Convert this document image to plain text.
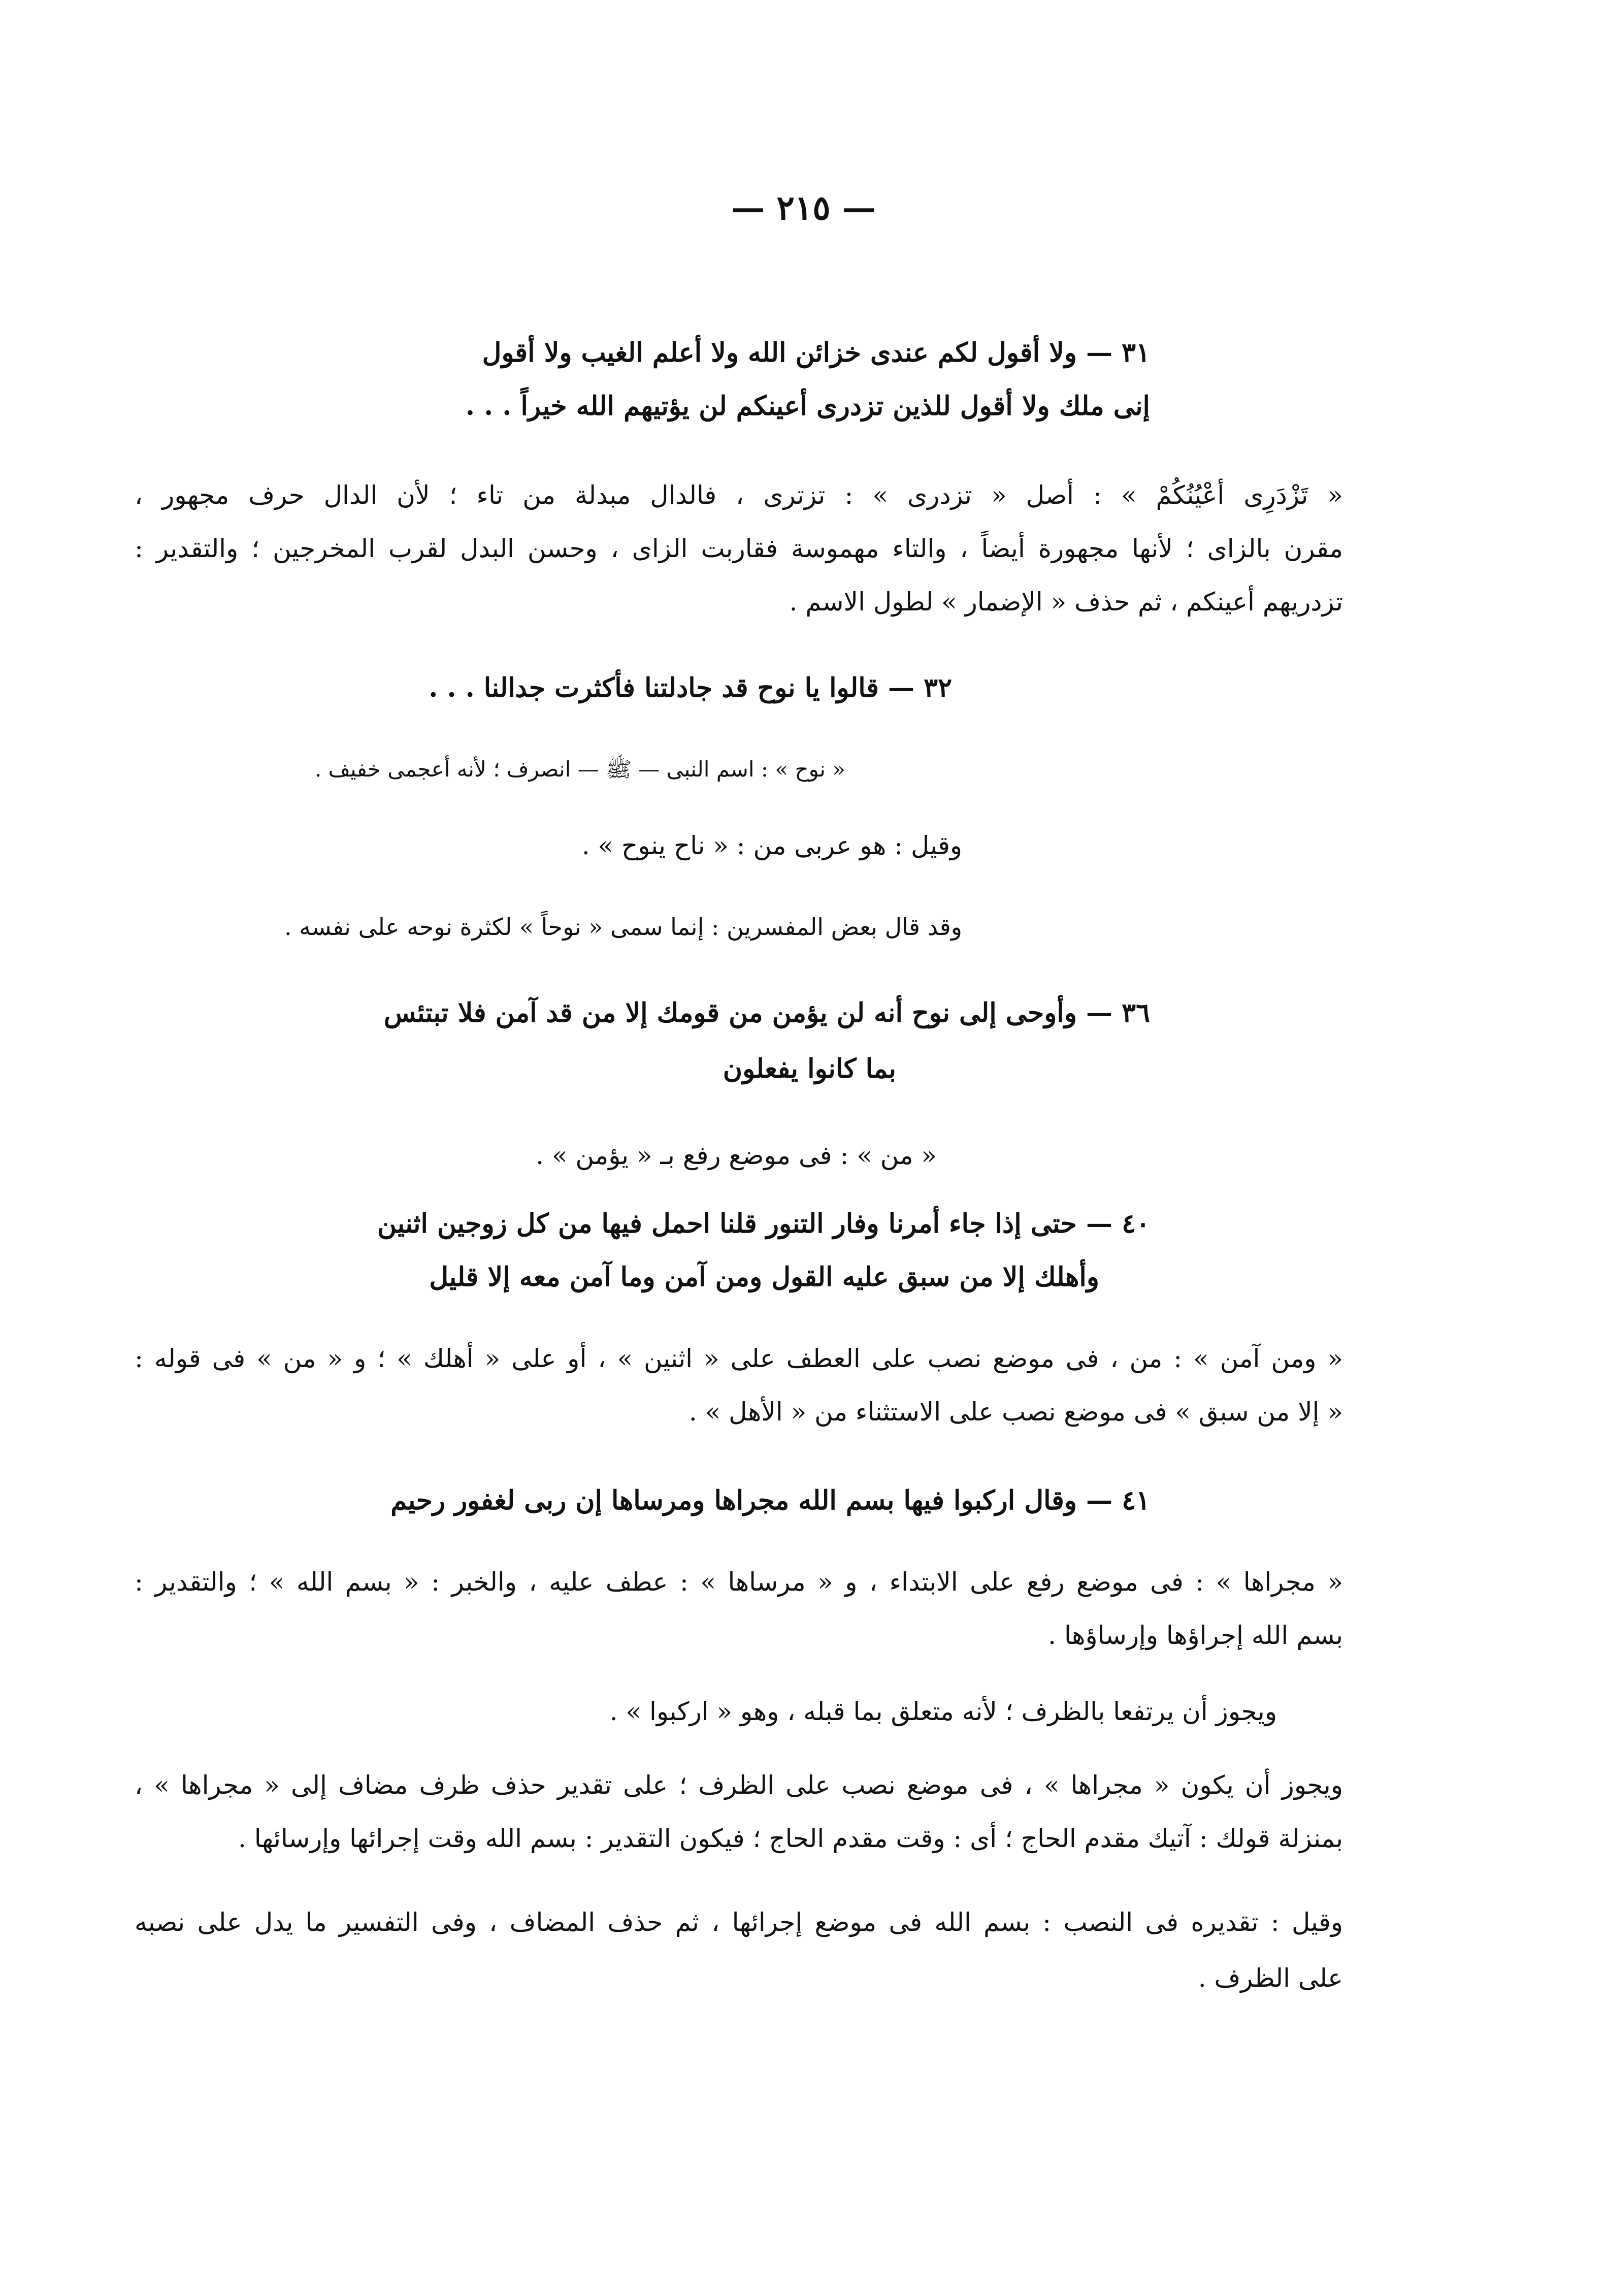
— ٢١٥ —
٣١ — ولا أقول لكم عندى خزائن الله ولا أعلم الغيب ولا أقول
إنى ملك ولا أقول للذين تزدرى أعينكم لن يؤتيهم الله خيراً . . .
« تَزْدَرِى أعْيُنُكُمْ » : أصل « تزدرى » : تزترى ، فالدال مبدلة من تاء ؛ لأن الدال حرف مجهور ،
مقرن بالزاى ؛ لأنها مجهورة أيضاً ، والتاء مهموسة فقاربت الزاى ، وحسن البدل لقرب المخرجين ؛ والتقدير :
تزدريهم أعينكم ، ثم حذف « الإضمار » لطول الاسم .
٣٢ — قالوا يا نوح قد جادلتنا فأكثرت جدالنا . . .
« نوح » : اسم النبى — ﷺ — انصرف ؛ لأنه أعجمى خفيف .
وقيل : هو عربى من : « ناح ينوح » .
وقد قال بعض المفسرين : إنما سمى « نوحاً » لكثرة نوحه على نفسه .
٣٦ — وأوحى إلى نوح أنه لن يؤمن من قومك إلا من قد آمن فلا تبتئس
بما كانوا يفعلون
« من » : فى موضع رفع بـ « يؤمن » .
٤٠ — حتى إذا جاء أمرنا وفار التنور قلنا احمل فيها من كل زوجين اثنين
وأهلك إلا من سبق عليه القول ومن آمن وما آمن معه إلا قليل
« ومن آمن » : من ، فى موضع نصب على العطف على « اثنين » ، أو على « أهلك » ؛ و « من » فى قوله :
« إلا من سبق » فى موضع نصب على الاستثناء من « الأهل » .
٤١ — وقال اركبوا فيها بسم الله مجراها ومرساها إن ربى لغفور رحيم
« مجراها » : فى موضع رفع على الابتداء ، و « مرساها » : عطف عليه ، والخبر : « بسم الله » ؛ والتقدير :
بسم الله إجراؤها وإرساؤها .
ويجوز أن يرتفعا بالظرف ؛ لأنه متعلق بما قبله ، وهو « اركبوا » .
ويجوز أن يكون « مجراها » ، فى موضع نصب على الظرف ؛ على تقدير حذف ظرف مضاف إلى « مجراها » ،
بمنزلة قولك : آتيك مقدم الحاج ؛ أى : وقت مقدم الحاج ؛ فيكون التقدير : بسم الله وقت إجرائها وإرسائها .
وقيل : تقديره فى النصب : بسم الله فى موضع إجرائها ، ثم حذف المضاف ، وفى التفسير ما يدل على نصبه
على الظرف .
